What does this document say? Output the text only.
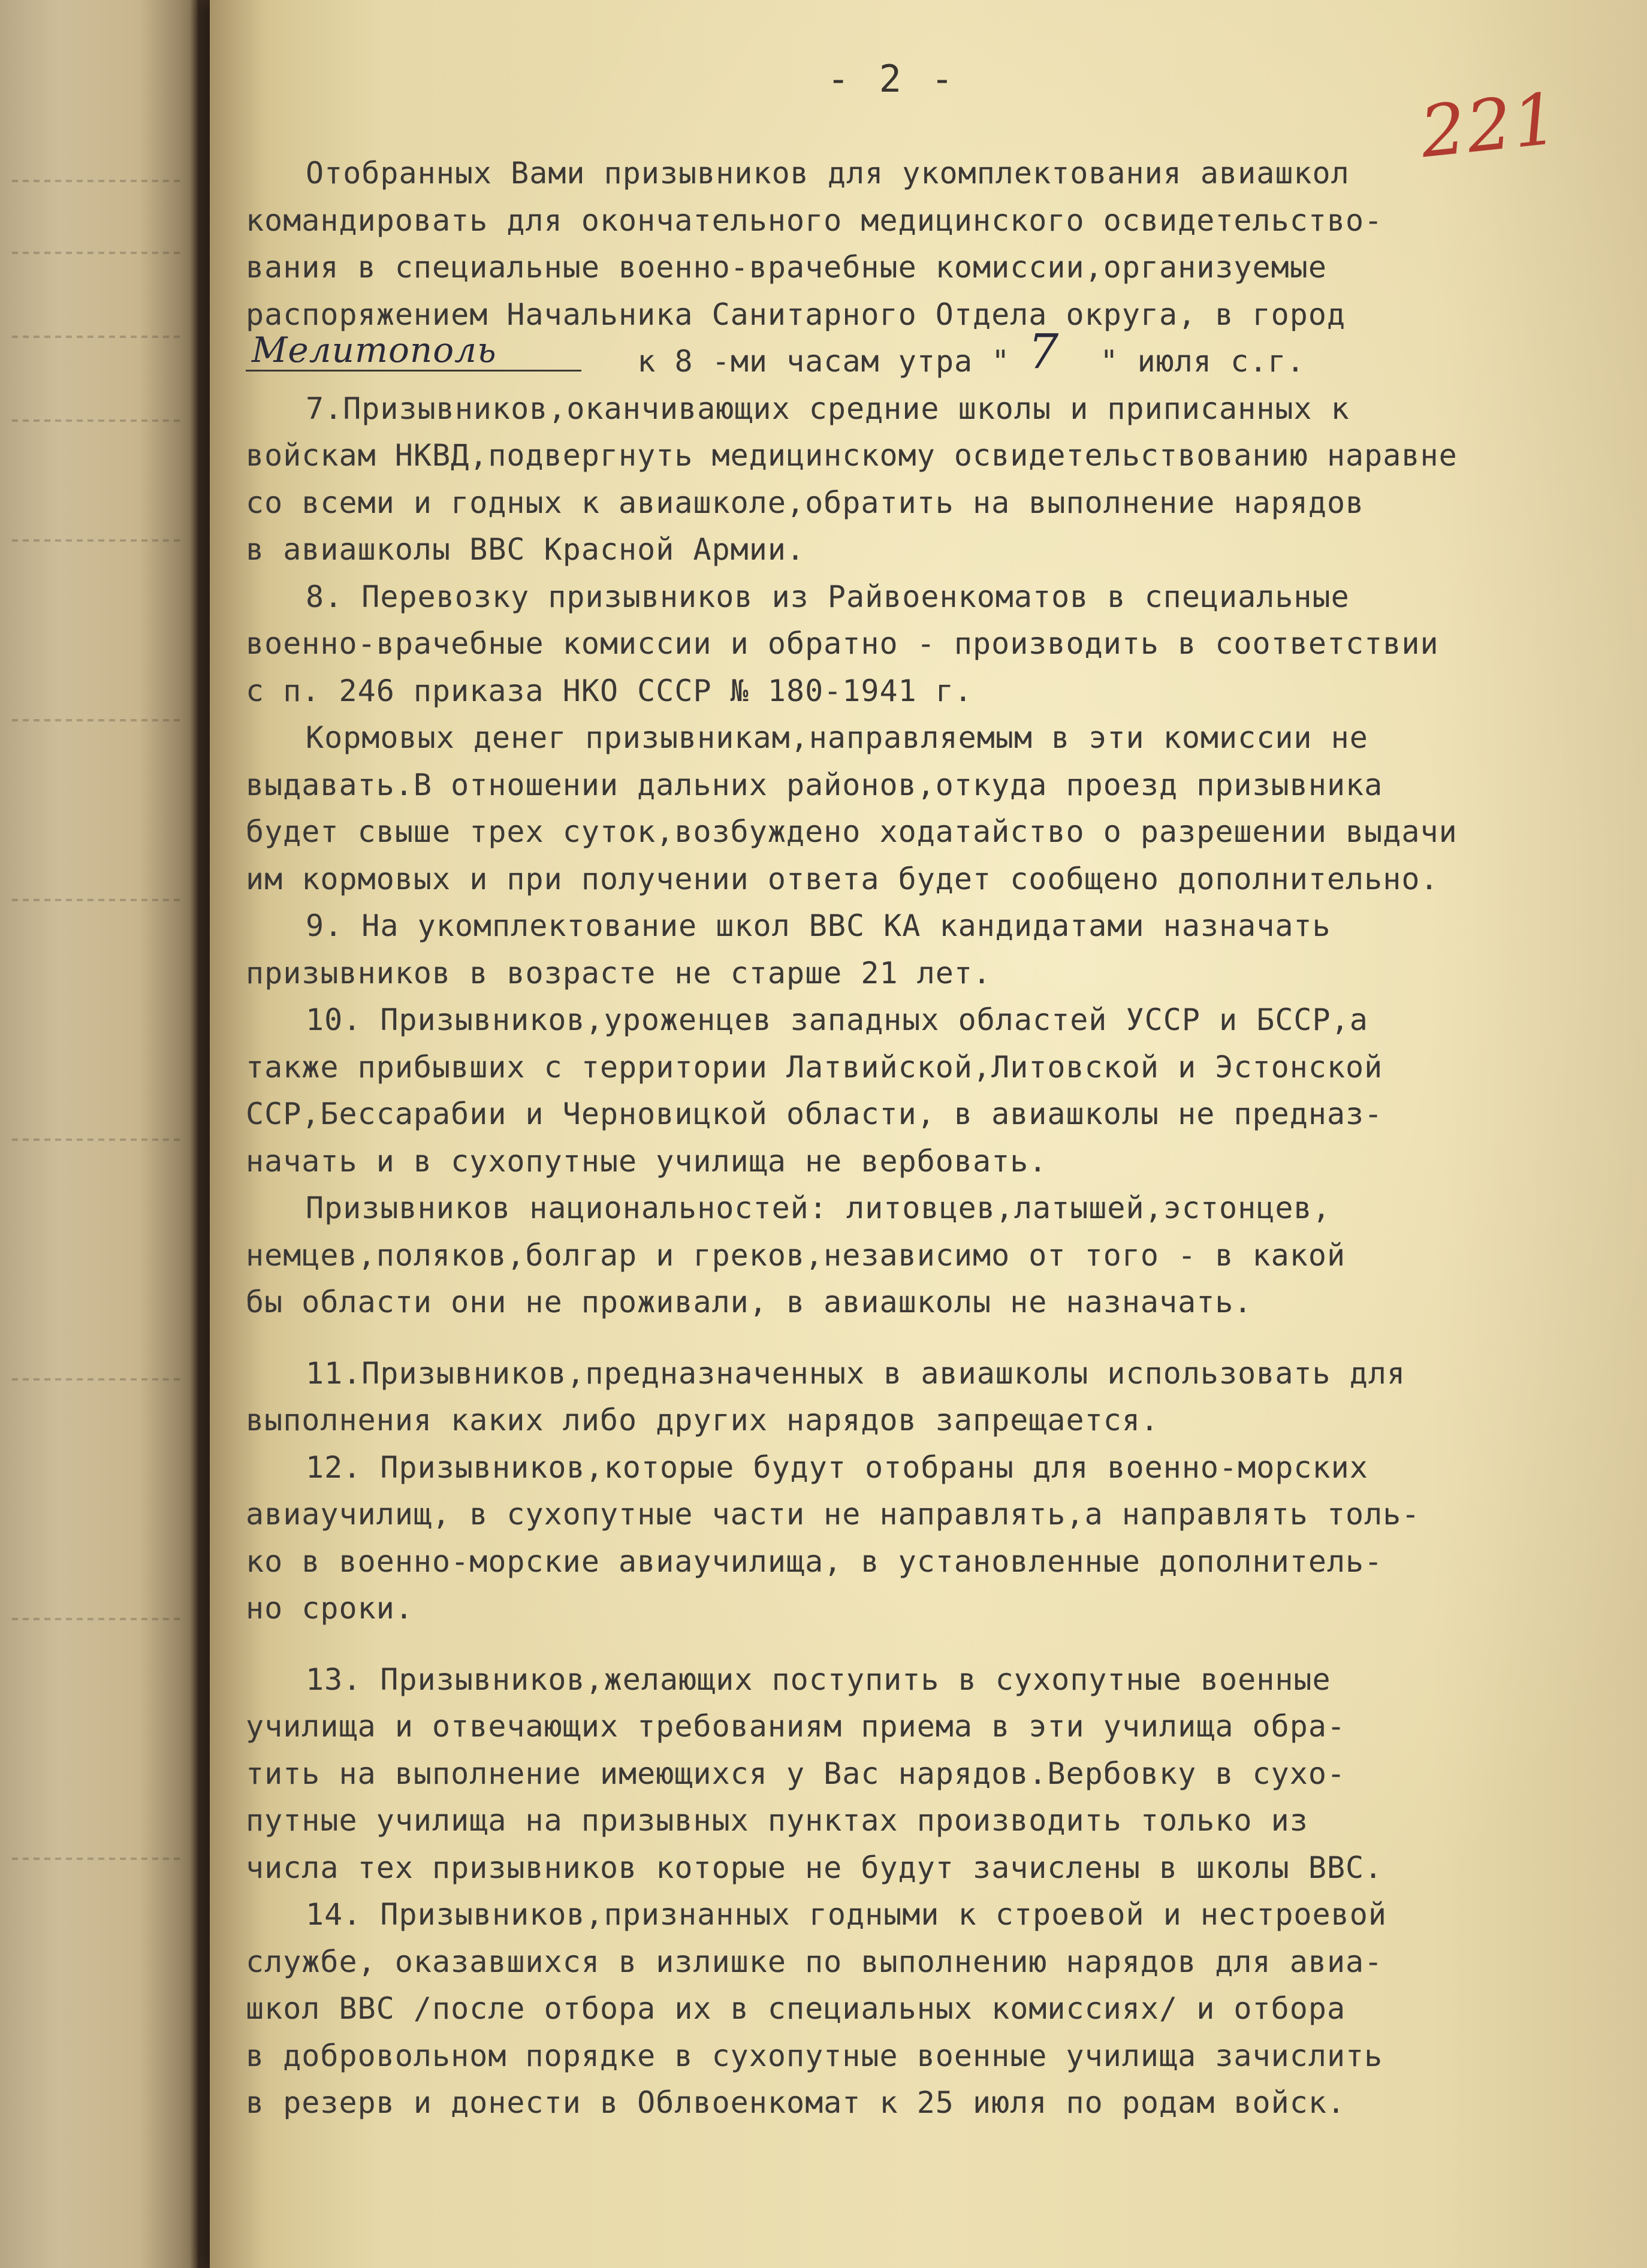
- 2 -	221
Отобранных Вами призывников для укомплектования авиашкол
командировать для окончательного медицинского освидетельство-
вания в специальные военно-врачебные комиссии,организуемые
распоряжением Начальника Санитарного Отдела округа, в город
Мелитополь	к 8 -ми часам утра " 7 " июля с.г.
7.Призывников,оканчивающих средние школы и приписанных к
войскам НКВД,подвергнуть медицинскому освидетельствованию наравне
со всеми и годных к авиашколе,обратить на выполнение нарядов
в авиашколы ВВС Красной Армии.
8. Перевозку призывников из Райвоенкоматов в специальные
военно-врачебные комиссии и обратно - производить в соответствии
с п. 246 приказа НКО СССР № 180-1941 г.
Кормовых денег призывникам,направляемым в эти комиссии не
выдавать.В отношении дальних районов,откуда проезд призывника
будет свыше трех суток,возбуждено ходатайство о разрешении выдачи
им кормовых и при получении ответа будет сообщено дополнительно.
9. На укомплектование школ ВВС КА кандидатами назначать
призывников в возрасте не старше 21 лет.
10. Призывников,уроженцев западных областей УССР и БССР,а
также прибывших с территории Латвийской,Литовской и Эстонской
ССР,Бессарабии и Черновицкой области, в авиашколы не предназ-
начать и в сухопутные училища не вербовать.
Призывников национальностей: литовцев,латышей,эстонцев,
немцев,поляков,болгар и греков,независимо от того - в какой
бы области они не проживали, в авиашколы не назначать.
11.Призывников,предназначенных в авиашколы использовать для
выполнения каких либо других нарядов запрещается.
12. Призывников,которые будут отобраны для военно-морских
авиаучилищ, в сухопутные части не направлять,а направлять толь-
ко в военно-морские авиаучилища, в установленные дополнитель-
но сроки.
13. Призывников,желающих поступить в сухопутные военные
училища и отвечающих требованиям приема в эти училища обра-
тить на выполнение имеющихся у Вас нарядов.Вербовку в сухо-
путные училища на призывных пунктах производить только из
числа тех призывников которые не будут зачислены в школы ВВС.
14. Призывников,признанных годными к строевой и нестроевой
службе, оказавшихся в излишке по выполнению нарядов для авиа-
школ ВВС /после отбора их в специальных комиссиях/ и отбора
в добровольном порядке в сухопутные военные училища зачислить
в резерв и донести в Облвоенкомат к 25 июля по родам войск.
